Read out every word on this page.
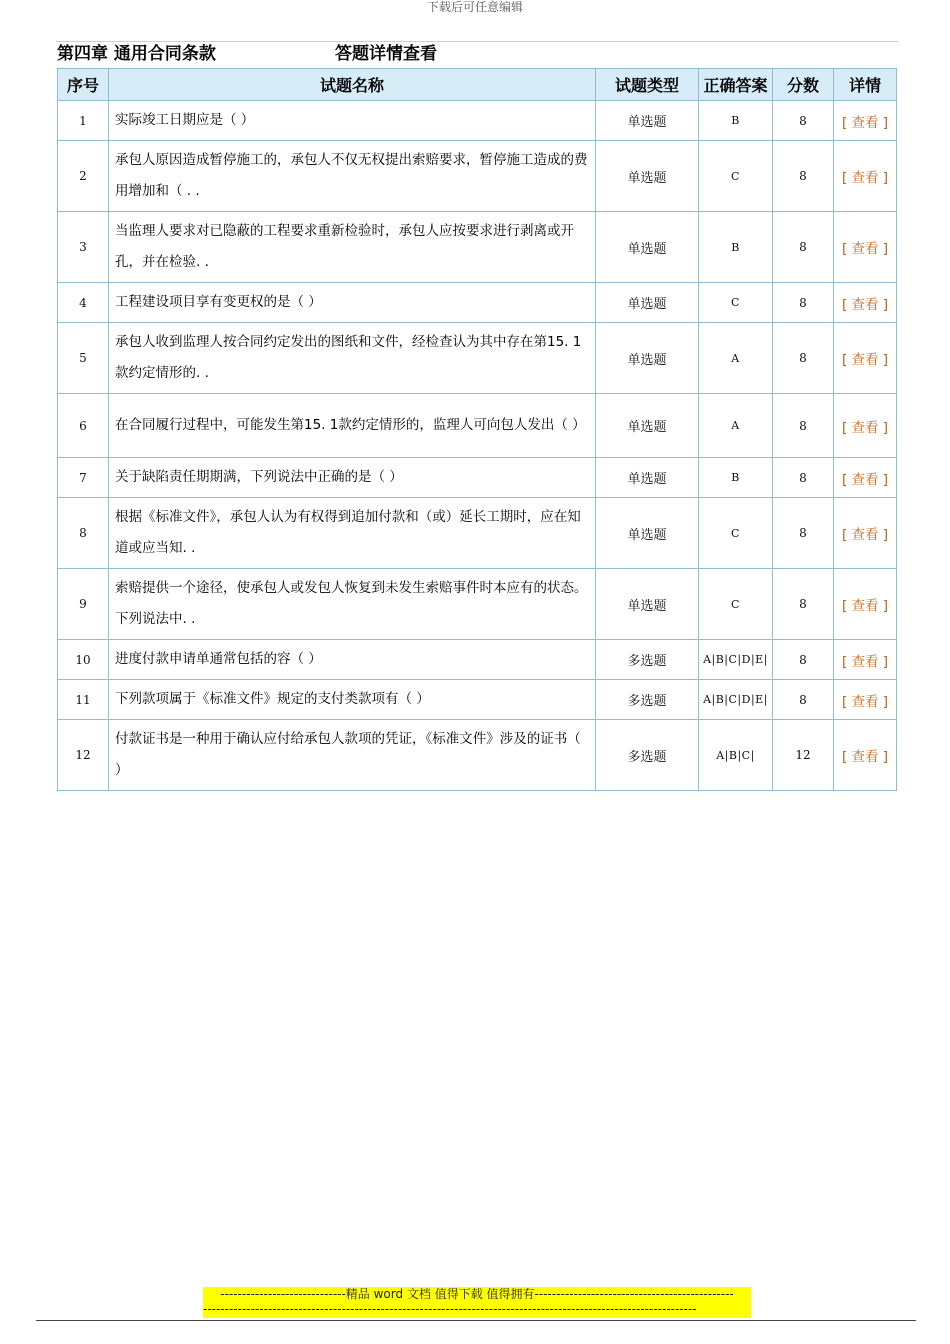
下载后可任意编辑
第四章 通用合同条款	答题详情查看
序号	试题名称	试题类型	正确答案	分数	详情
1	实际竣工日期应是（ ）	单选题	B	8	[ 查看 ]
2	承包人原因造成暂停施工的，承包人不仅无权提出索赔要求，暂停施工造成的费用增加和（ . .	单选题	C	8	[ 查看 ]
3	当监理人要求对已隐蔽的工程要求重新检验时，承包人应按要求进行剥离或开孔，并在检验. .	单选题	B	8	[ 查看 ]
4	工程建设项目享有变更权的是（ ）	单选题	C	8	[ 查看 ]
5	承包人收到监理人按合同约定发出的图纸和文件，经检查认为其中存在第15. 1款约定情形的. .	单选题	A	8	[ 查看 ]
6	在合同履行过程中，可能发生第15. 1款约定情形的，监理人可向包人发出（ ）	单选题	A	8	[ 查看 ]
7	关于缺陷责任期期满，下列说法中正确的是（ ）	单选题	B	8	[ 查看 ]
8	根据《标准文件》，承包人认为有权得到追加付款和（或）延长工期时，应在知道或应当知. .	单选题	C	8	[ 查看 ]
9	索赔提供一个途径，使承包人或发包人恢复到未发生索赔事件时本应有的状态。下列说法中. .	单选题	C	8	[ 查看 ]
10	进度付款申请单通常包括的容（ ）	多选题	A|B|C|D|E|	8	[ 查看 ]
11	下列款项属于《标准文件》规定的支付类款项有（ ）	多选题	A|B|C|D|E|	8	[ 查看 ]
12	付款证书是一种用于确认应付给承包人款项的凭证，《标准文件》涉及的证书（ ）	多选题	A|B|C|	12	[ 查看 ]
-----------------------------精品 word 文档 值得下载 值得拥有----------------------------------------------
------------------------------------------------------------------------------------------------------------------
